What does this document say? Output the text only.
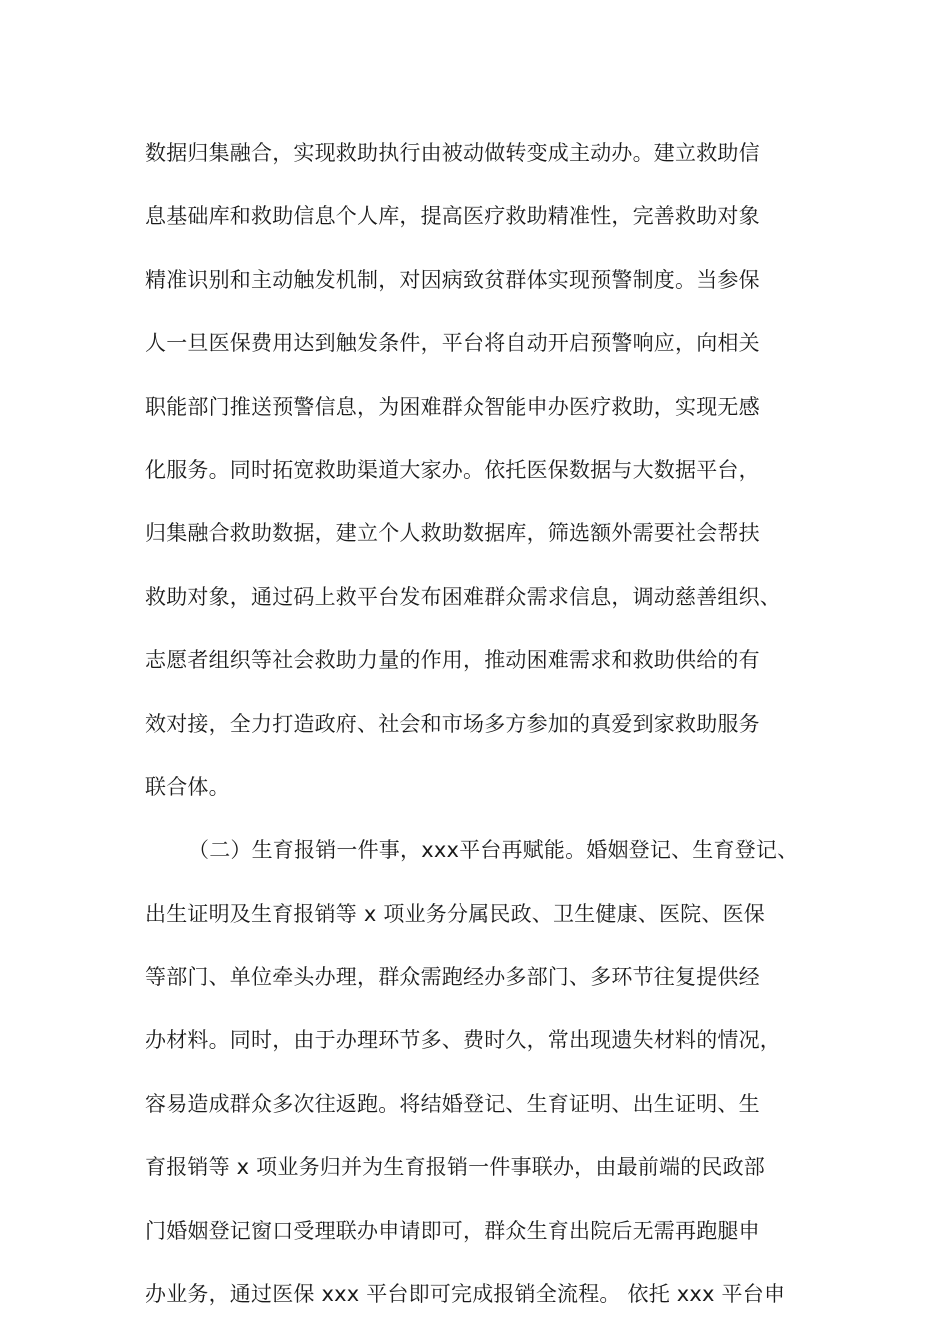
数据归集融合，实现救助执行由被动做转变成主动办。建立救助信
息基础库和救助信息个人库，提高医疗救助精准性，完善救助对象
精准识别和主动触发机制，对因病致贫群体实现预警制度。当参保
人一旦医保费用达到触发条件，平台将自动开启预警响应，向相关
职能部门推送预警信息，为困难群众智能申办医疗救助，实现无感
化服务。同时拓宽救助渠道大家办。依托医保数据与大数据平台，
归集融合救助数据，建立个人救助数据库，筛选额外需要社会帮扶
救助对象，通过码上救平台发布困难群众需求信息，调动慈善组织、
志愿者组织等社会救助力量的作用，推动困难需求和救助供给的有
效对接，全力打造政府、社会和市场多方参加的真爱到家救助服务
联合体。
（二）生育报销一件事，xxx平台再赋能。婚姻登记、生育登记、
出生证明及生育报销等 x 项业务分属民政、卫生健康、医院、医保
等部门、单位牵头办理，群众需跑经办多部门、多环节往复提供经
办材料。同时，由于办理环节多、费时久，常出现遗失材料的情况，
容易造成群众多次往返跑。将结婚登记、生育证明、出生证明、生
育报销等 x 项业务归并为生育报销一件事联办，由最前端的民政部
门婚姻登记窗口受理联办申请即可，群众生育出院后无需再跑腿申
办业务，通过医保 xxx 平台即可完成报销全流程。 依托 xxx 平台申
